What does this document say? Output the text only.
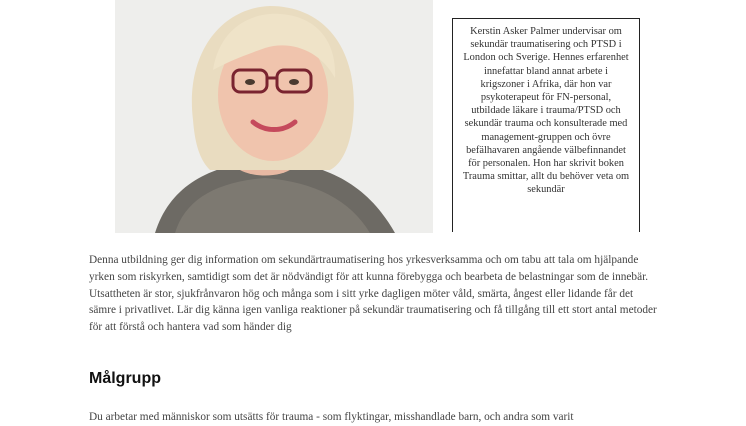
Kerstin Asker Palmer undervisar om sekundär traumatisering och PTSD i London och Sverige. Hennes erfarenhet innefattar bland annat arbete i krigszoner i Afrika, där hon var psykoterapeut för FN-personal, utbildade läkare i trauma/PTSD och sekundär trauma och konsulterade med management-gruppen och övre befälhavaren angående välbefinnandet för personalen. Hon har skrivit boken Trauma smittar, allt du behöver veta om sekundär

Denna utbildning ger dig information om sekundärtraumatisering hos yrkesverksamma och om tabu att tala om hjälpande yrken som riskyrken, samtidigt som det är nödvändigt för att kunna förebygga och bearbeta de belastningar som de innebär. Utsattheten är stor, sjukfrånvaron hög och många som i sitt yrke dagligen möter våld, smärta, ångest eller lidande får det sämre i privatlivet. Lär dig känna igen vanliga reaktioner på sekundär traumatisering och få tillgång till ett stort antal metoder för att förstå och hantera vad som händer dig

Målgrupp

Du arbetar med människor som utsätts för trauma - som flyktingar, misshandlade barn, och andra som varit
